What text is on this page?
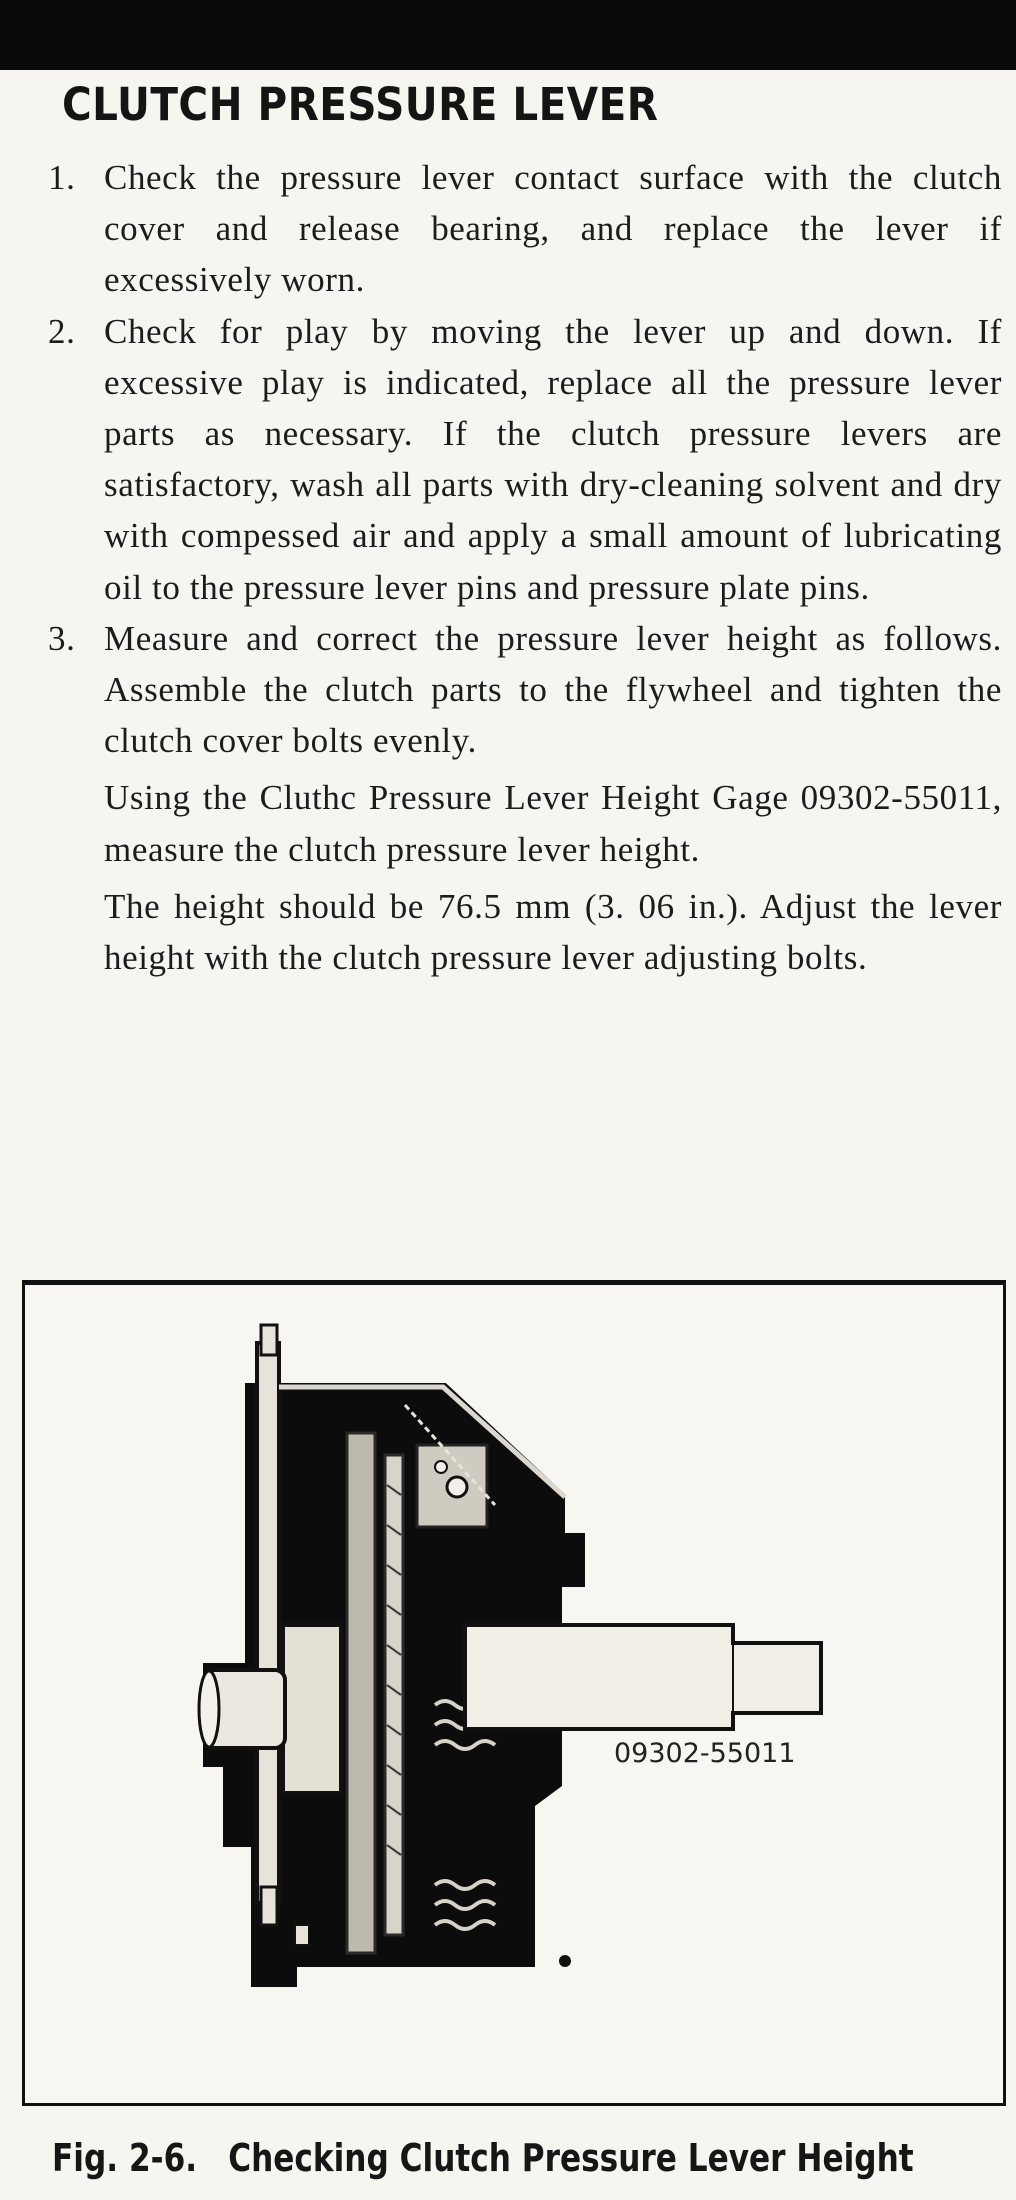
CLUTCH PRESSURE LEVER
1. Check the pressure lever contact surface with the clutch cover and release bearing, and replace the lever if excessively worn.

2. Check for play by moving the lever up and down. If excessive play is indicated, replace all the pressure lever parts as necessary. If the clutch pressure levers are satisfactory, wash all parts with dry-cleaning solvent and dry with compessed air and apply a small amount of lubricating oil to the pressure lever pins and pressure plate pins.

3. Measure and correct the pressure lever height as follows. Assemble the clutch parts to the flywheel and tighten the clutch cover bolts evenly.

Using the Cluthc Pressure Lever Height Gage 09302-55011, measure the clutch pressure lever height.

The height should be 76.5 mm (3. 06 in.). Adjust the lever height with the clutch pressure lever adjusting bolts.

09302-55011
Fig. 2-6. Checking Clutch Pressure Lever Height
